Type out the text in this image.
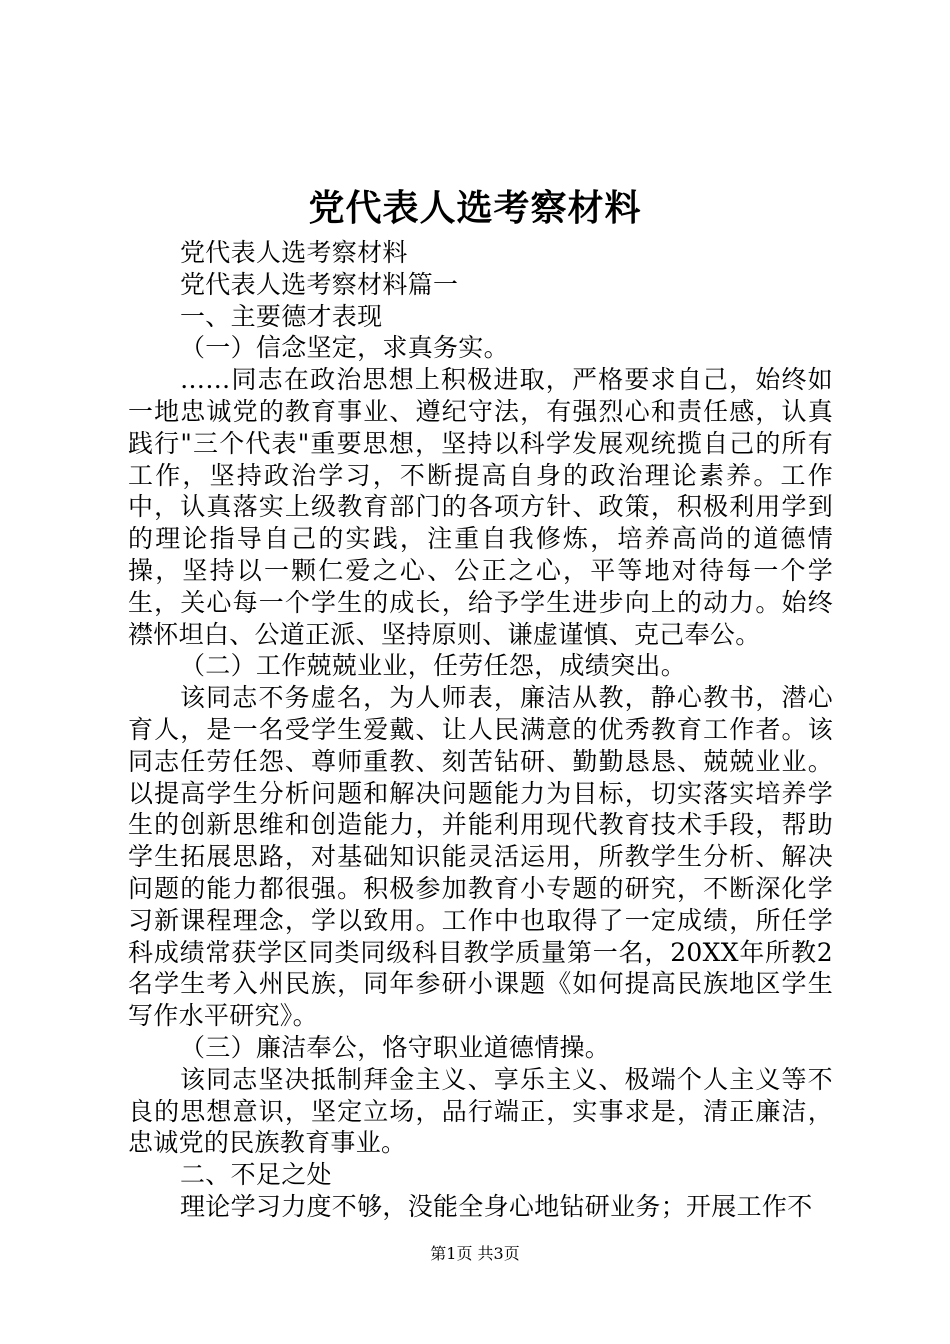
党代表人选考察材料

党代表人选考察材料

党代表人选考察材料篇一

一、主要德才表现

（一）信念坚定，求真务实。

……同志在政治思想上积极进取，严格要求自己，始终如一地忠诚党的教育事业、遵纪守法，有强烈心和责任感，认真践行"三个代表"重要思想，坚持以科学发展观统揽自己的所有工作，坚持政治学习，不断提高自身的政治理论素养。工作中，认真落实上级教育部门的各项方针、政策，积极利用学到的理论指导自己的实践，注重自我修炼，培养高尚的道德情操，坚持以一颗仁爱之心、公正之心，平等地对待每一个学生，关心每一个学生的成长，给予学生进步向上的动力。始终襟怀坦白、公道正派、坚持原则、谦虚谨慎、克己奉公。

（二）工作兢兢业业，任劳任怨，成绩突出。

该同志不务虚名，为人师表，廉洁从教，静心教书，潜心育人，是一名受学生爱戴、让人民满意的优秀教育工作者。该同志任劳任怨、尊师重教、刻苦钻研、勤勤恳恳、兢兢业业。以提高学生分析问题和解决问题能力为目标，切实落实培养学生的创新思维和创造能力，并能利用现代教育技术手段，帮助学生拓展思路，对基础知识能灵活运用，所教学生分析、解决问题的能力都很强。积极参加教育小专题的研究，不断深化学习新课程理念，学以致用。工作中也取得了一定成绩，所任学科成绩常获学区同类同级科目教学质量第一名，20XX年所教2名学生考入州民族，同年参研小课题《如何提高民族地区学生写作水平研究》。

（三）廉洁奉公，恪守职业道德情操。

该同志坚决抵制拜金主义、享乐主义、极端个人主义等不良的思想意识，坚定立场，品行端正，实事求是，清正廉洁，忠诚党的民族教育事业。

二、不足之处

理论学习力度不够，没能全身心地钻研业务；开展工作不

第1页 共3页
